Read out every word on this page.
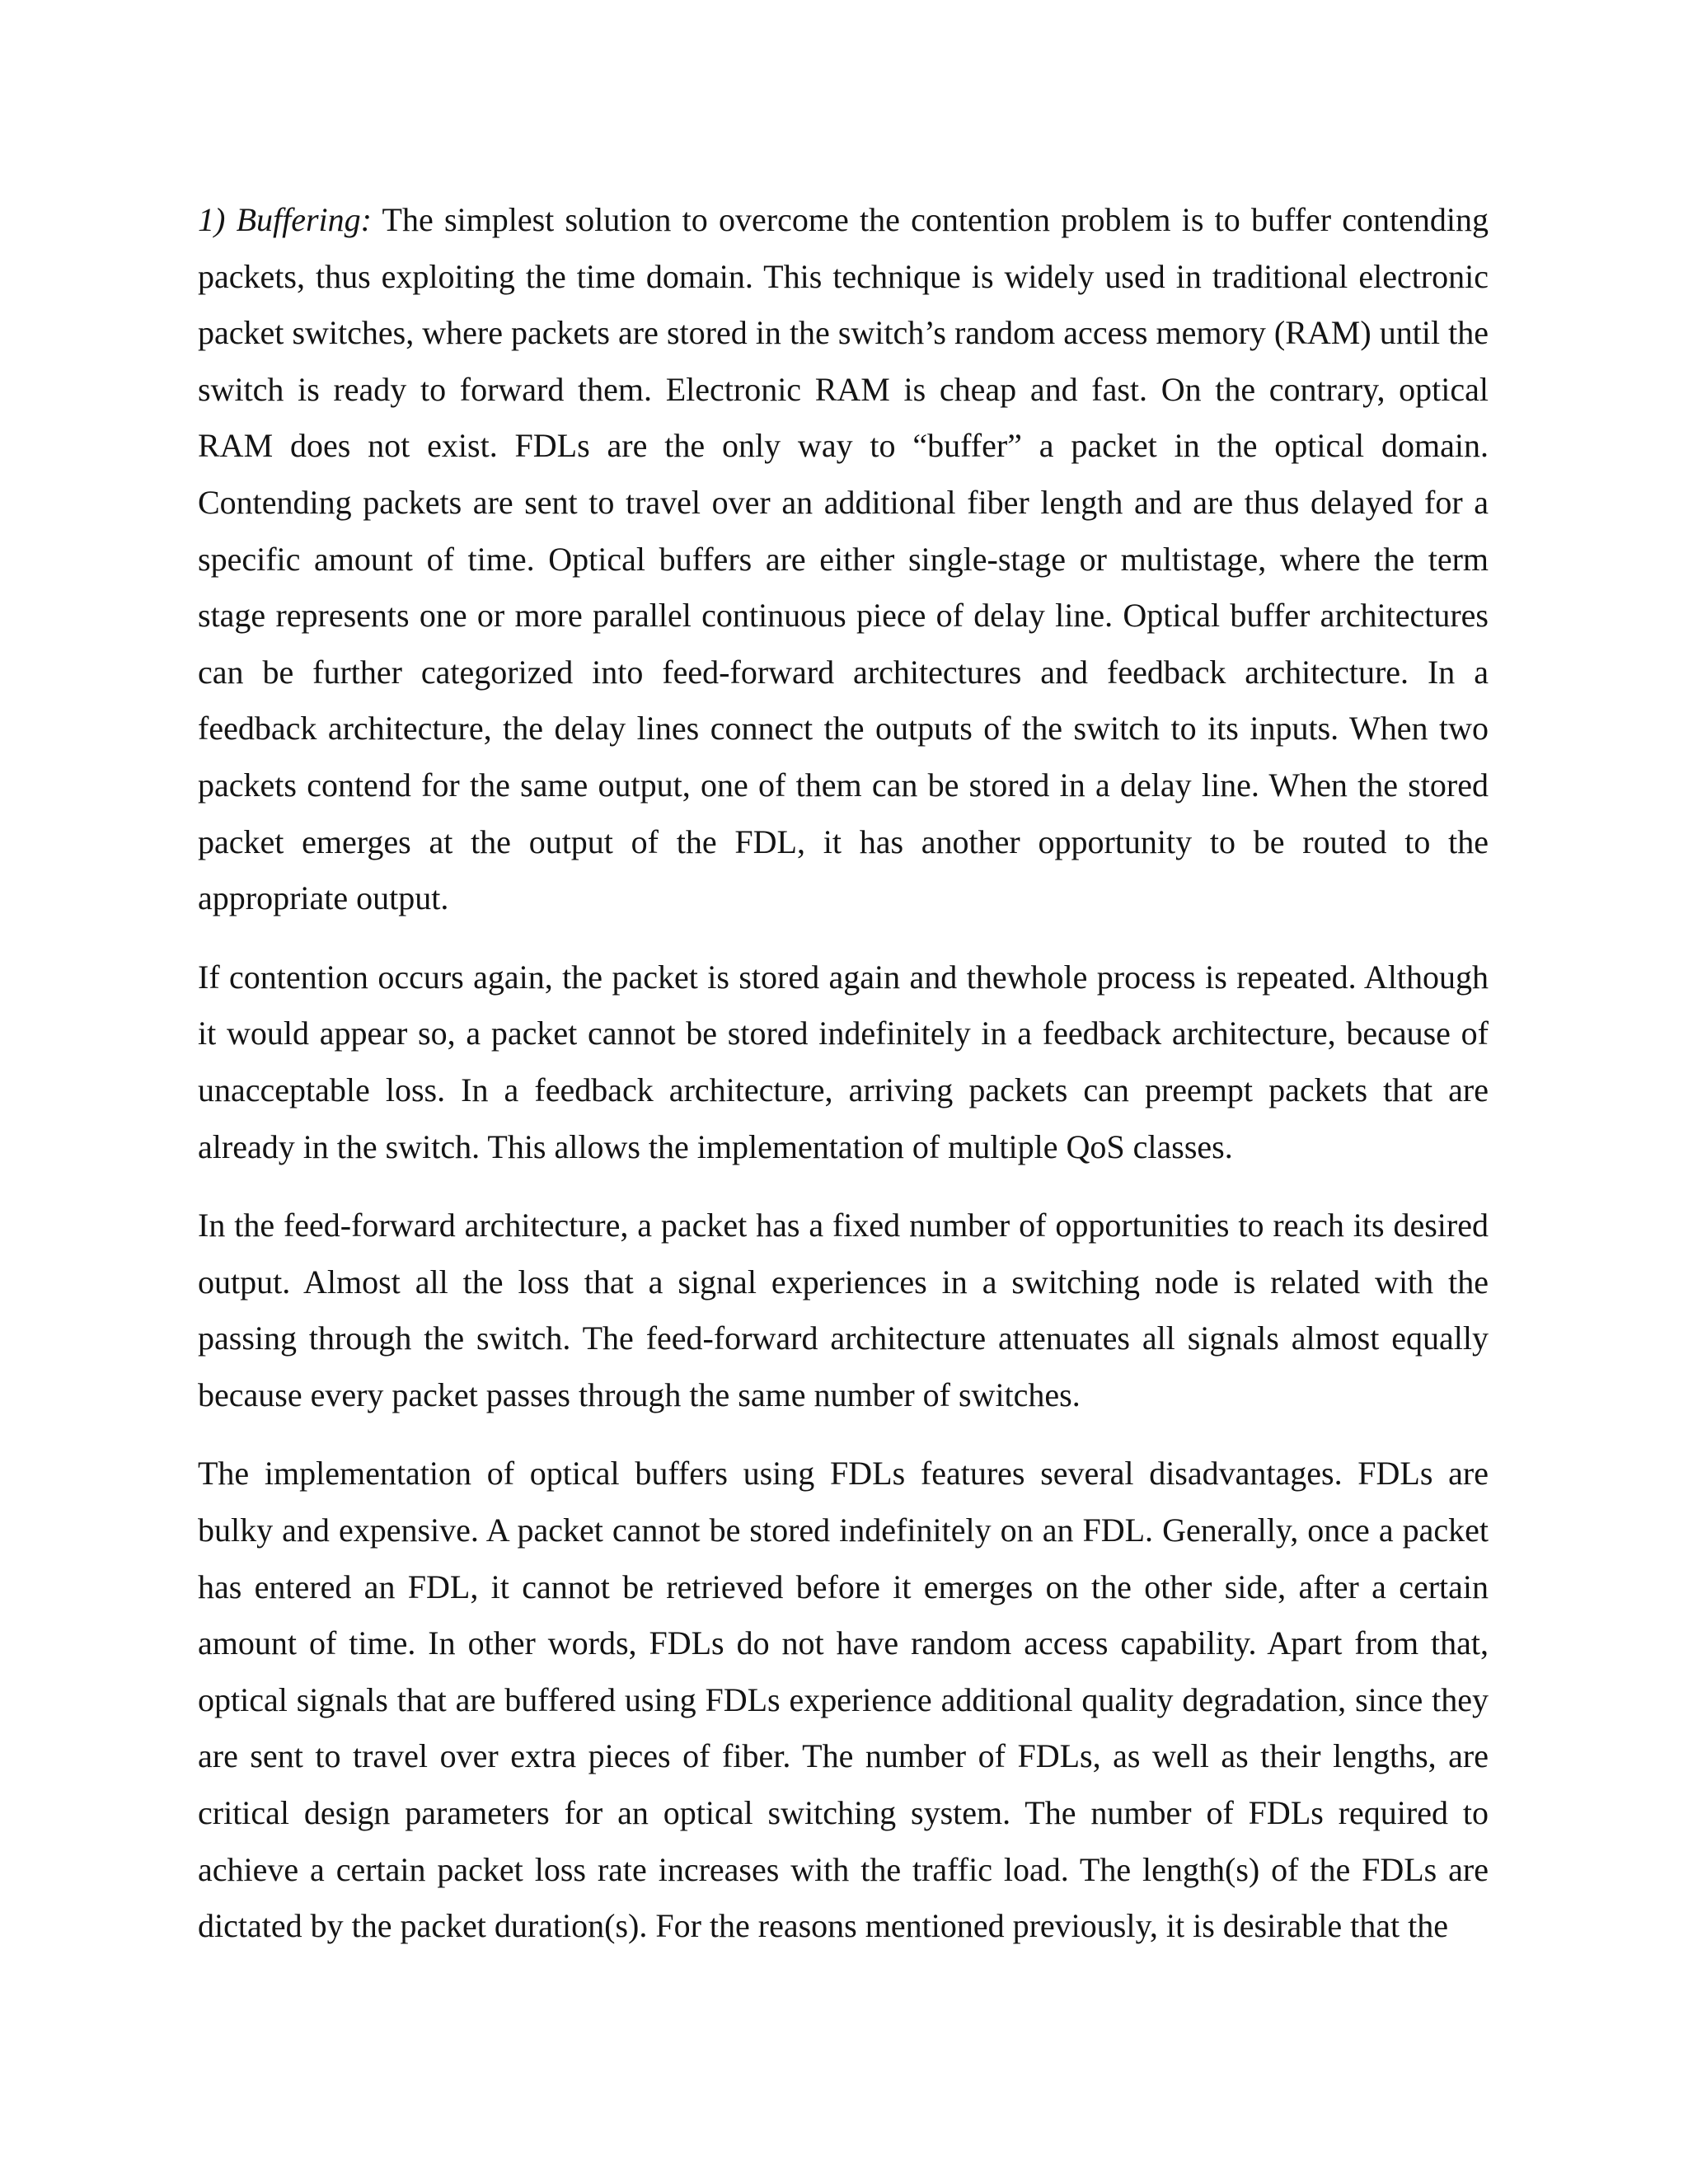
1) Buffering: The simplest solution to overcome the contention problem is to buffer contending packets, thus exploiting the time domain. This technique is widely used in traditional electronic packet switches, where packets are stored in the switch’s random access memory (RAM) until the switch is ready to forward them. Electronic RAM is cheap and fast. On the contrary, optical RAM does not exist. FDLs are the only way to “buffer” a packet in the optical domain. Contending packets are sent to travel over an additional fiber length and are thus delayed for a specific amount of time. Optical buffers are either single-stage or multistage, where the term stage represents one or more parallel continuous piece of delay line. Optical buffer architectures can be further categorized into feed-forward architectures and feedback architecture. In a feedback architecture, the delay lines connect the outputs of the switch to its inputs. When two packets contend for the same output, one of them can be stored in a delay line. When the stored packet emerges at the output of the FDL, it has another opportunity to be routed to the appropriate output.

If contention occurs again, the packet is stored again and thewhole process is repeated. Although it would appear so, a packet cannot be stored indefinitely in a feedback architecture, because of unacceptable loss. In a feedback architecture, arriving packets can preempt packets that are already in the switch. This allows the implementation of multiple QoS classes.

In the feed-forward architecture, a packet has a fixed number of opportunities to reach its desired output. Almost all the loss that a signal experiences in a switching node is related with the passing through the switch. The feed-forward architecture attenuates all signals almost equally because every packet passes through the same number of switches.

The implementation of optical buffers using FDLs features several disadvantages. FDLs are bulky and expensive. A packet cannot be stored indefinitely on an FDL. Generally, once a packet has entered an FDL, it cannot be retrieved before it emerges on the other side, after a certain amount of time. In other words, FDLs do not have random access capability. Apart from that, optical signals that are buffered using FDLs experience additional quality degradation, since they are sent to travel over extra pieces of fiber. The number of FDLs, as well as their lengths, are critical design parameters for an optical switching system. The number of FDLs required to achieve a certain packet loss rate increases with the traffic load. The length(s) of the FDLs are dictated by the packet duration(s). For the reasons mentioned previously, it is desirable that the
